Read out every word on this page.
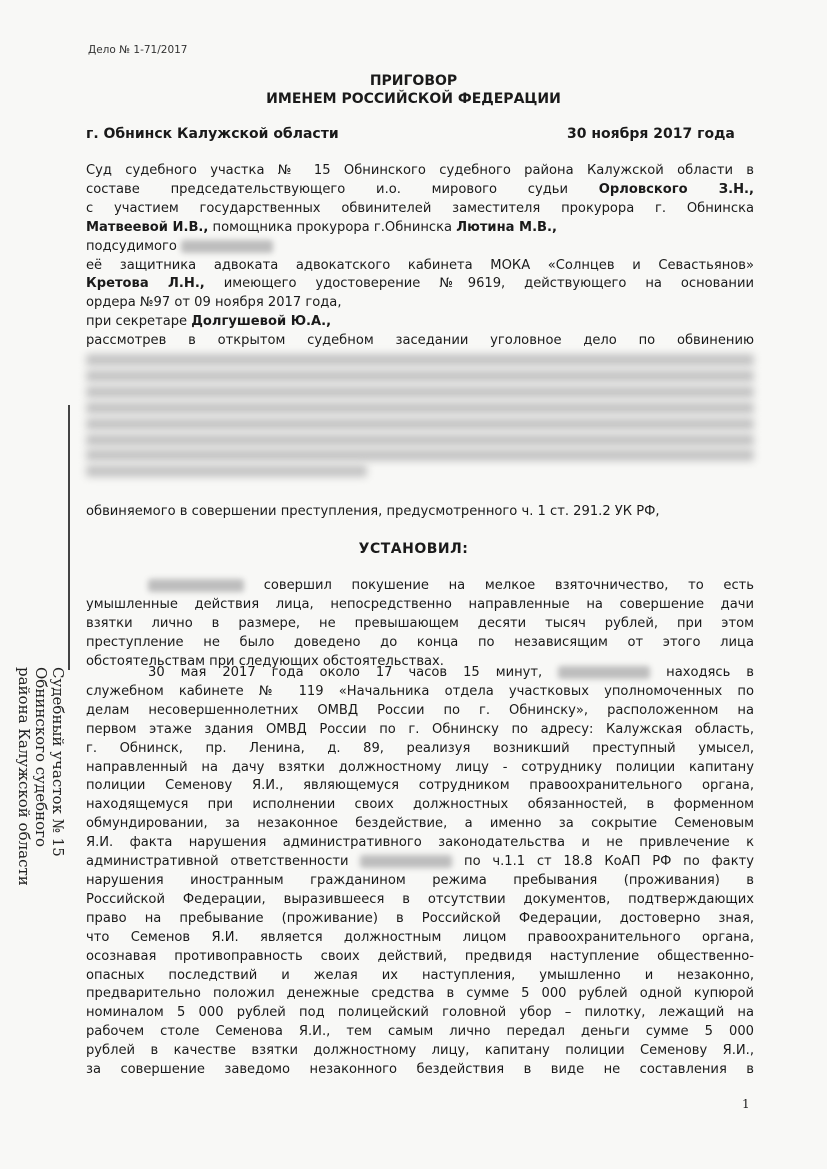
Дело № 1-71/2017
ПРИГОВОР
ИМЕНЕМ РОССИЙСКОЙ ФЕДЕРАЦИИ
г. Обнинск Калужской области	30 ноября 2017 года
Суд судебного участка № 15 Обнинского судебного района Калужской области в
составе председательствующего и.о. мирового судьи Орловского З.Н.,
с участием государственных обвинителей заместителя прокурора г. Обнинска
Матвеевой И.В., помощника прокурора г.Обнинска Лютина М.В.,
подсудимого
её защитника адвоката адвокатского кабинета МОКА «Солнцев и Севастьянов»
Кретова Л.Н., имеющего удостоверение №9619, действующего на основании
ордера №97 от 09 ноября 2017 года,
при секретаре Долгушевой Ю.А.,
рассмотрев в открытом судебном заседании уголовное дело по обвинению
обвиняемого в совершении преступления, предусмотренного ч. 1 ст. 291.2 УК РФ,
УСТАНОВИЛ:
совершил покушение на мелкое взяточничество, то есть
умышленные действия лица, непосредственно направленные на совершение дачи
взятки лично в размере, не превышающем десяти тысяч рублей, при этом
преступление не было доведено до конца по независящим от этого лица
обстоятельствам при следующих обстоятельствах.
30 мая 2017 года около 17 часов 15 минут,	находясь в
служебном кабинете № 119 «Начальника отдела участковых уполномоченных по
делам несовершеннолетних ОМВД России по г. Обнинску», расположенном на
первом этаже здания ОМВД России по г. Обнинску по адресу: Калужская область,
г. Обнинск, пр. Ленина, д. 89, реализуя возникший преступный умысел,
направленный на дачу взятки должностному лицу - сотруднику полиции капитану
полиции Семенову Я.И., являющемуся сотрудником правоохранительного органа,
находящемуся при исполнении своих должностных обязанностей, в форменном
обмундировании, за незаконное бездействие, а именно за сокрытие Семеновым
Я.И. факта нарушения административного законодательства и не привлечение к
административной ответственности	по ч.1.1 ст 18.8 КоАП РФ по факту
нарушения иностранным гражданином режима пребывания (проживания) в
Российской Федерации, выразившееся в отсутствии документов, подтверждающих
право на пребывание (проживание) в Российской Федерации, достоверно зная,
что Семенов Я.И. является должностным лицом правоохранительного органа,
осознавая противоправность своих действий, предвидя наступление общественно-
опасных последствий и желая их наступления, умышленно и незаконно,
предварительно положил денежные средства в сумме 5 000 рублей одной купюрой
номиналом 5 000 рублей под полицейский головной убор – пилотку, лежащий на
рабочем столе Семенова Я.И., тем самым лично передал деньги сумме 5 000
рублей в качестве взятки должностному лицу, капитану полиции Семенову Я.И.,
за совершение заведомо незаконного бездействия в виде не составления в
Судебный участок № 15
Обнинского судебного
района Калужской области
1
